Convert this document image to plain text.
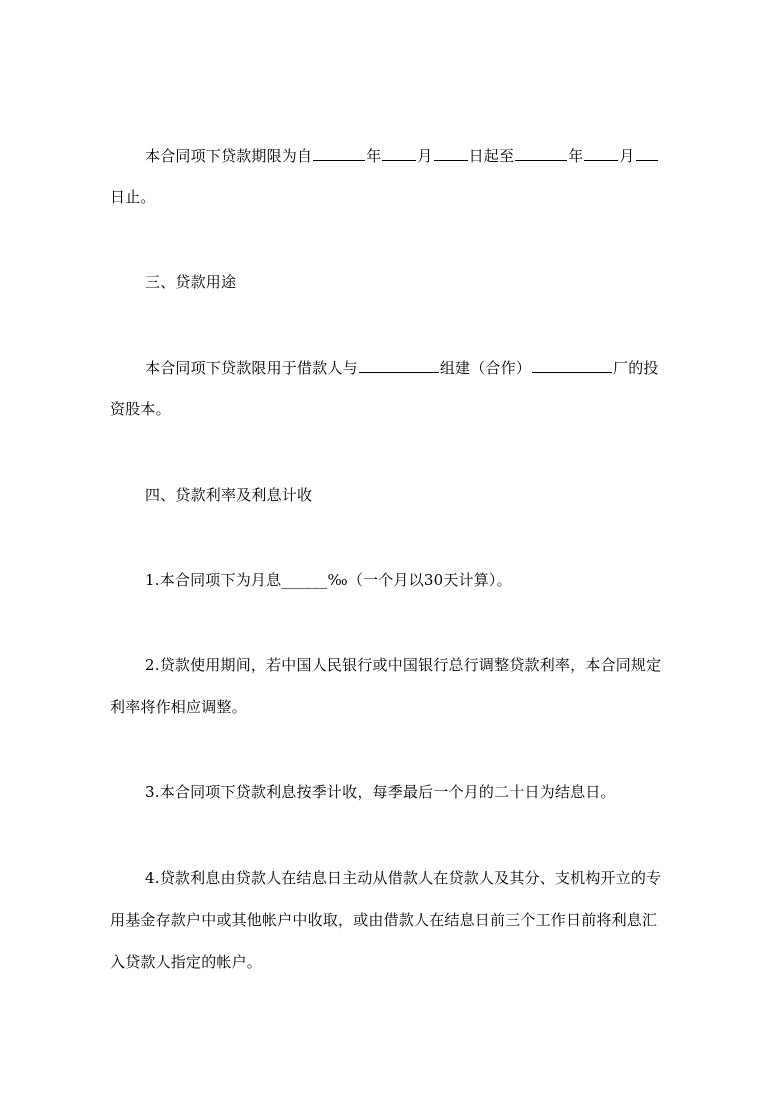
本合同项下贷款期限为自	年 月 日起至	年 月
日止。
三、贷款用途
本合同项下贷款限用于借款人与	组建（合作）	厂的投
资股本。
四、贷款利率及利息计收
1.本合同项下为月息______‰（一个月以30天计算）。
2.贷款使用期间，若中国人民银行或中国银行总行调整贷款利率，本合同规定
利率将作相应调整。
3.本合同项下贷款利息按季计收，每季最后一个月的二十日为结息日。
4.贷款利息由贷款人在结息日主动从借款人在贷款人及其分、支机构开立的专
用基金存款户中或其他帐户中收取，或由借款人在结息日前三个工作日前将利息汇
入贷款人指定的帐户。
